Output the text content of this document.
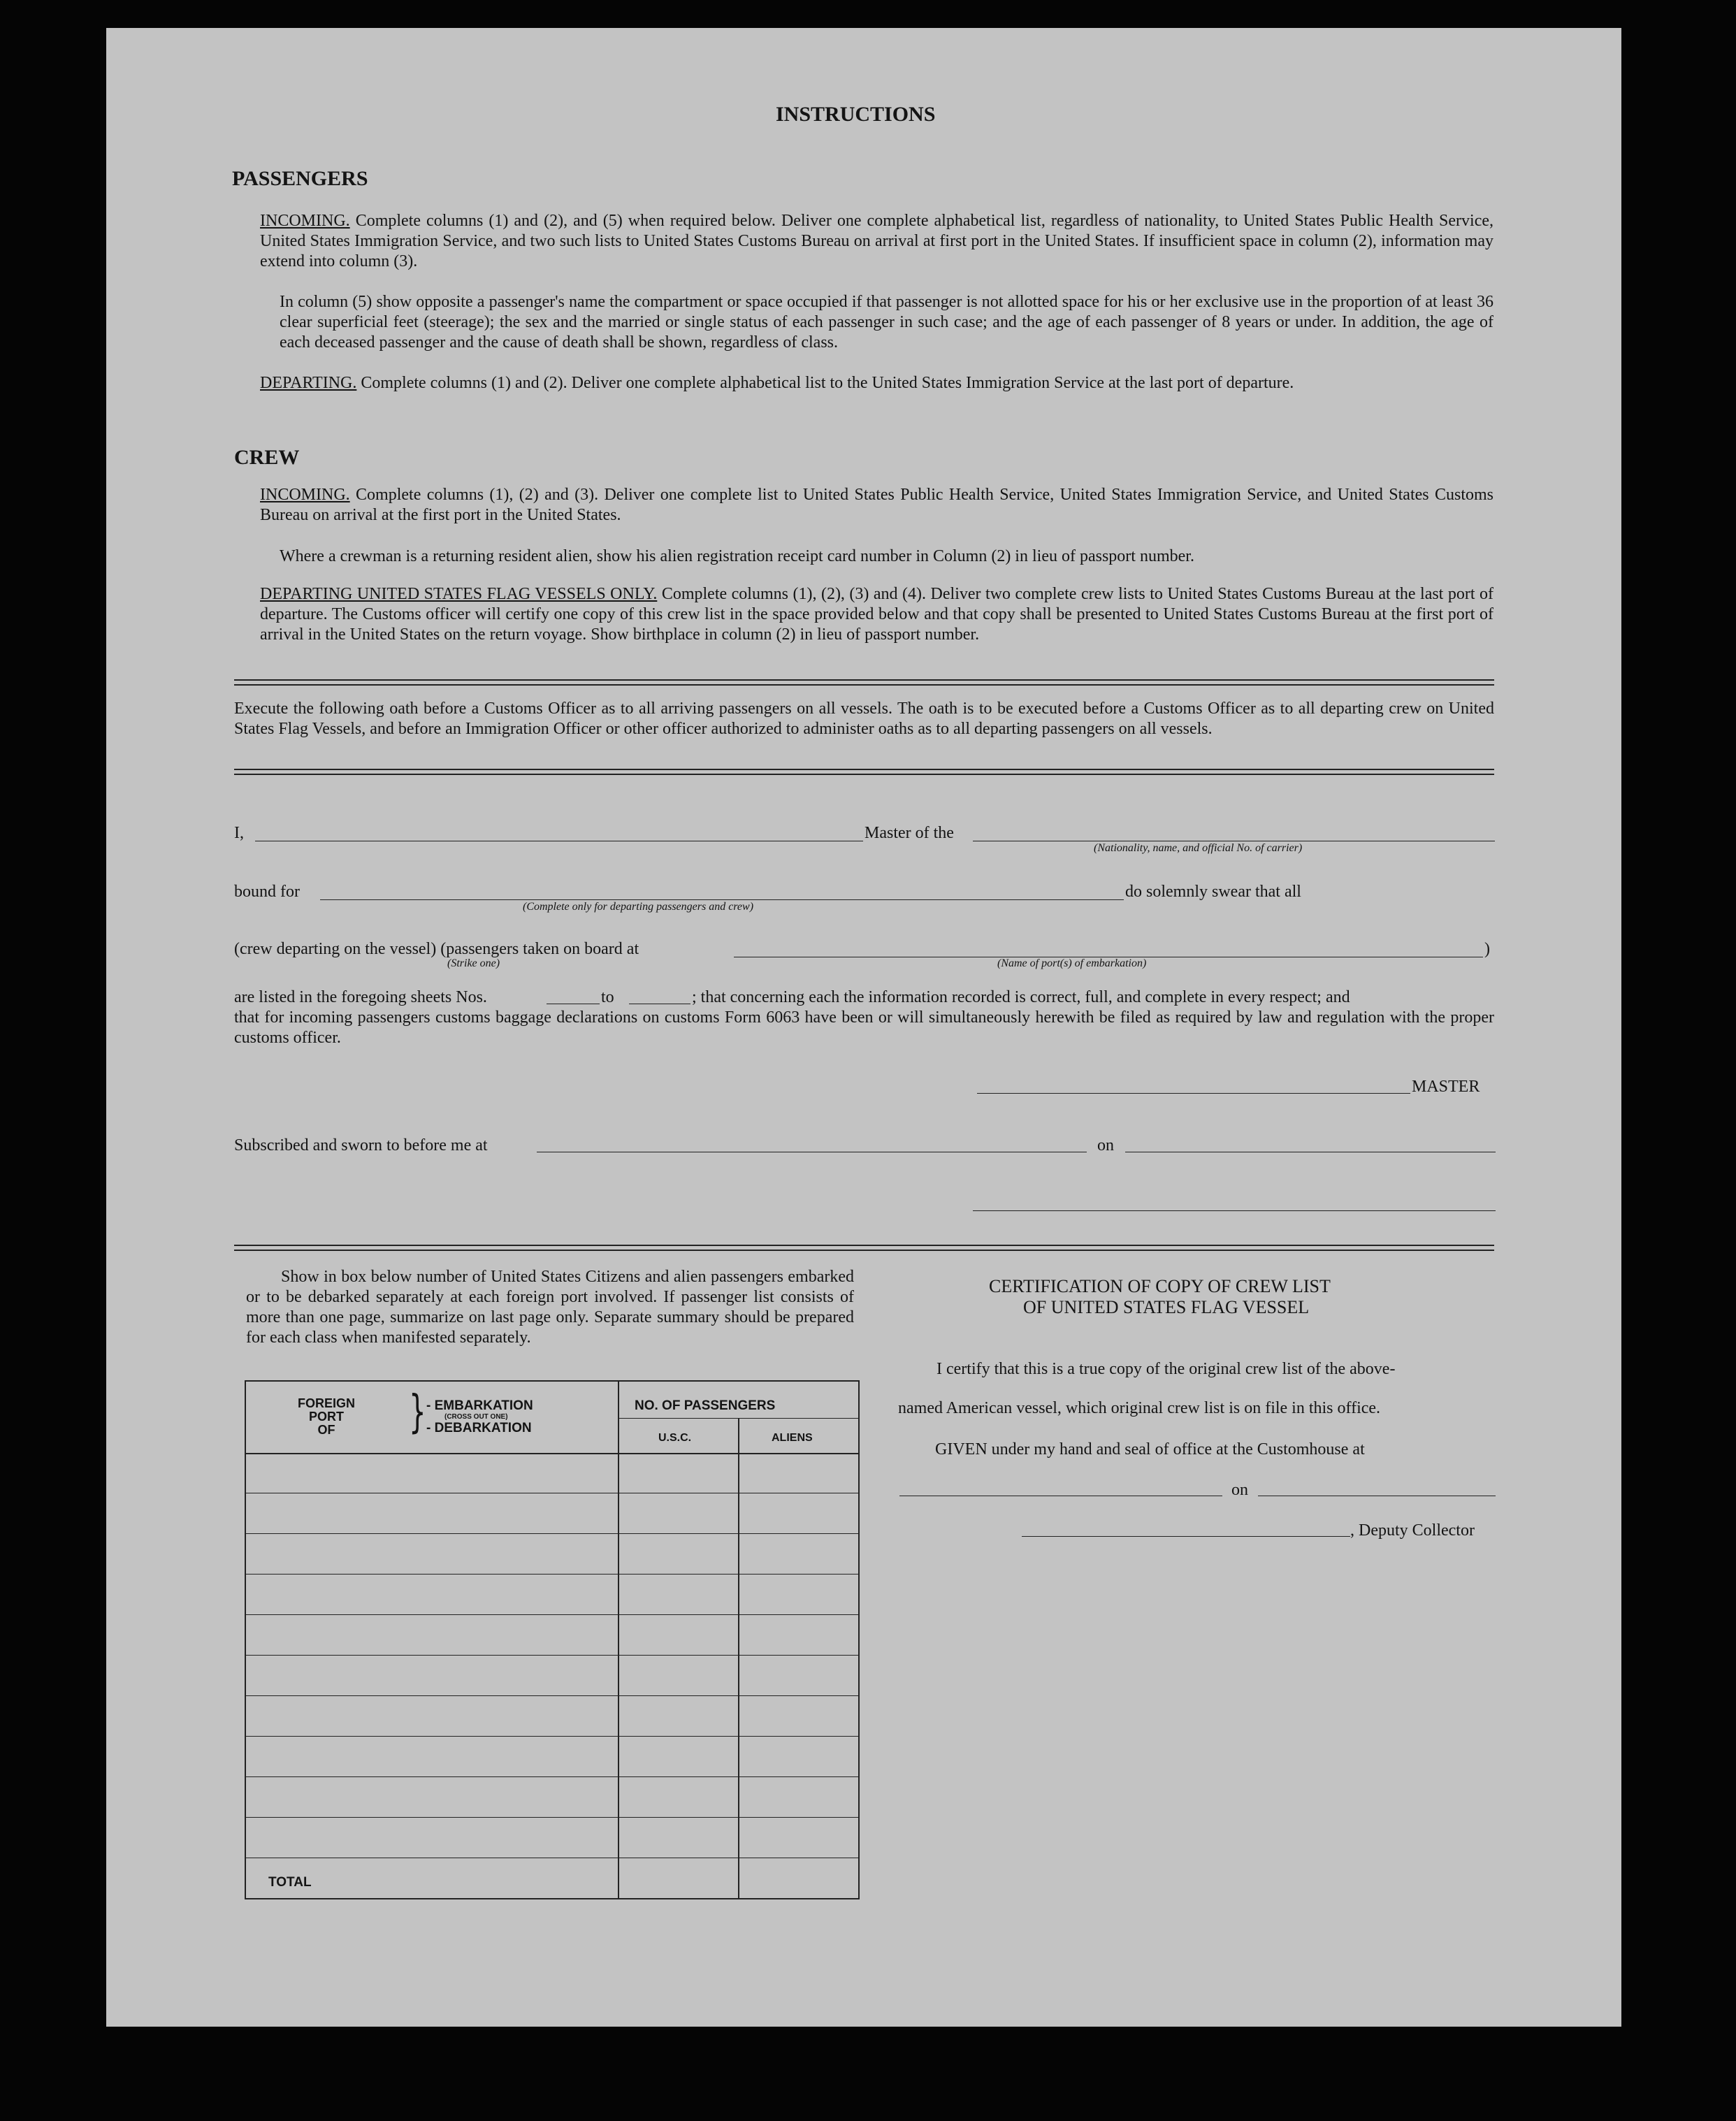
INSTRUCTIONS
PASSENGERS
INCOMING. Complete columns (1) and (2), and (5) when required below. Deliver one complete alphabetical list, regardless of nationality, to United States Public Health Service, United States Immigration Service, and two such lists to United States Customs Bureau on arrival at first port in the United States. If insufficient space in column (2), information may extend into column (3).
In column (5) show opposite a passenger's name the compartment or space occupied if that passenger is not allotted space for his or her exclusive use in the proportion of at least 36 clear superficial feet (steerage); the sex and the married or single status of each passenger in such case; and the age of each passenger of 8 years or under. In addition, the age of each deceased passenger and the cause of death shall be shown, regardless of class.
DEPARTING. Complete columns (1) and (2). Deliver one complete alphabetical list to the United States Immigration Service at the last port of departure.
CREW
INCOMING. Complete columns (1), (2) and (3). Deliver one complete list to United States Public Health Service, United States Immigration Service, and United States Customs Bureau on arrival at the first port in the United States.
Where a crewman is a returning resident alien, show his alien registration receipt card number in Column (2) in lieu of passport number.
DEPARTING UNITED STATES FLAG VESSELS ONLY. Complete columns (1), (2), (3) and (4). Deliver two complete crew lists to United States Customs Bureau at the last port of departure. The Customs officer will certify one copy of this crew list in the space provided below and that copy shall be presented to United States Customs Bureau at the first port of arrival in the United States on the return voyage. Show birthplace in column (2) in lieu of passport number.
Execute the following oath before a Customs Officer as to all arriving passengers on all vessels. The oath is to be executed before a Customs Officer as to all departing crew on United States Flag Vessels, and before an Immigration Officer or other officer authorized to administer oaths as to all departing passengers on all vessels.
I,	Master of the
(Nationality, name, and official No. of carrier)
bound for
(Complete only for departing passengers and crew)
do solemnly swear that all
(crew departing on the vessel) (passengers taken on board at
(Strike one)	(Name of port(s) of embarkation)
)
are listed in the foregoing sheets Nos.	to	; that concerning each the information recorded is correct, full, and complete in every respect; and
that for incoming passengers customs baggage declarations on customs Form 6063 have been or will simultaneously herewith be filed as required by law and regulation with the proper customs officer.
MASTER
Subscribed and sworn to before me at	on
Show in box below number of United States Citizens and alien passengers embarked or to be debarked separately at each foreign port involved. If passenger list consists of more than one page, summarize on last page only. Separate summary should be prepared for each class when manifested separately.
FOREIGN
PORT
OF	} - EMBARKATION
(CROSS OUT ONE)
- DEBARKATION
NO. OF PASSENGERS
U.S.C.	ALIENS
TOTAL
CERTIFICATION OF COPY OF CREW LIST
OF UNITED STATES FLAG VESSEL
I certify that this is a true copy of the original crew list of the above-
named American vessel, which original crew list is on file in this office.
GIVEN under my hand and seal of office at the Customhouse at
on
, Deputy Collector
